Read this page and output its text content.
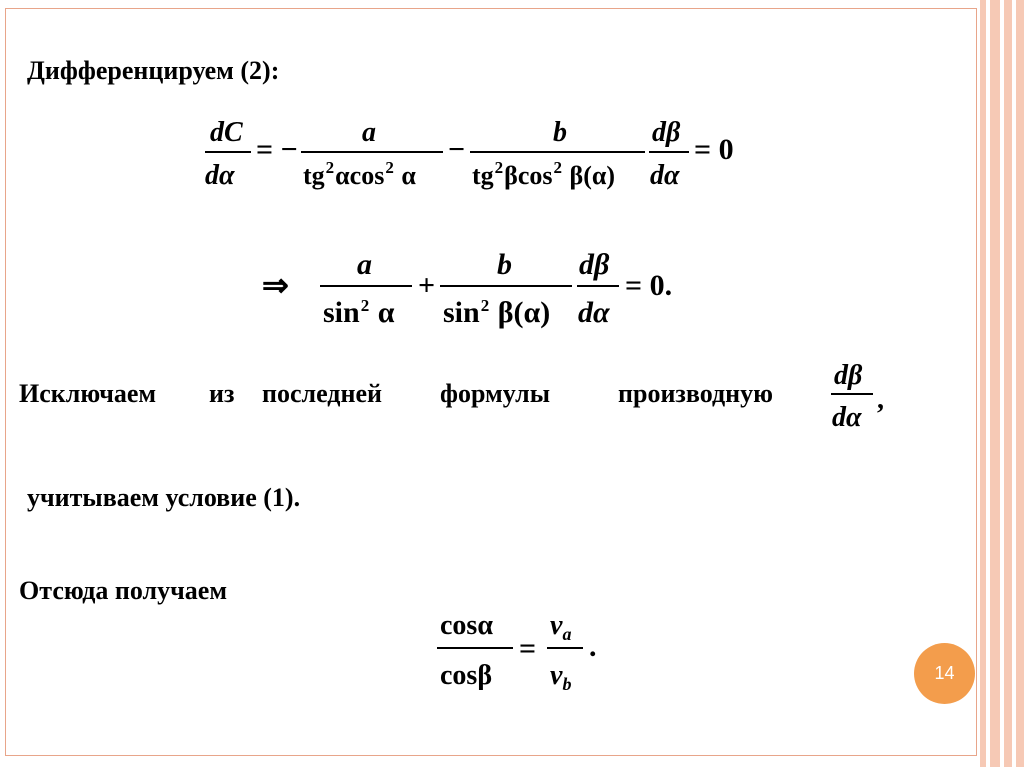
Дифференцируем (2):
dC
dα
= −
a
$tg^2\alpha\cos^2$ α
−
b
$tg^2\beta\cos^2$ β(α)
dβ
dα
= 0
⇒
a
$\sin^2 \alpha$
+
b
$\sin^2 \beta(\alpha)$
dβ
dα
= 0.
Исключаем из последней формулы	производную
dβ
dα
,
учитываем условие (1).
Отсюда получаем
cosα
cosβ
=
$v_a$
$v_b$
.
14
